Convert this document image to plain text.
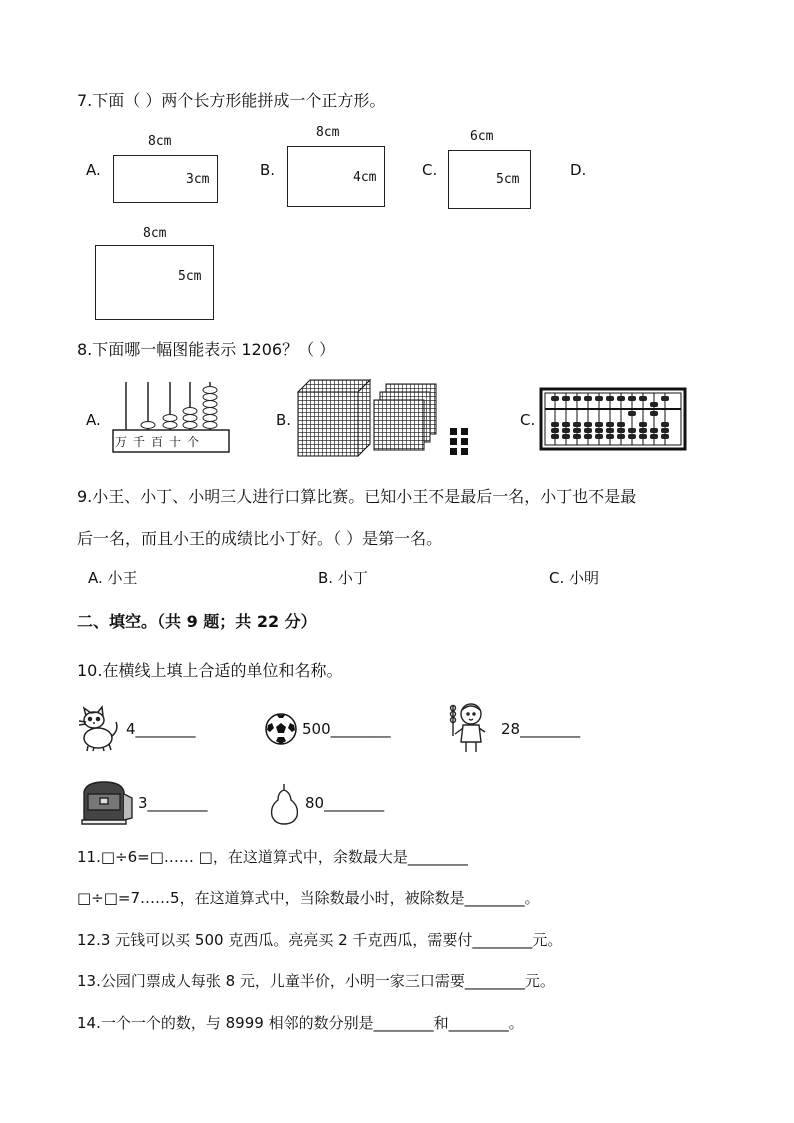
7.下面（ ）两个长方形能拼成一个正方形。
A.
8cm
3cm
B.
8cm
4cm	C.
6cm
5cm
D.
8cm
5cm
8.下面哪一幅图能表示 1206？（ ）
A.
万 千 百 十 个
B.	C.
9.小王、小丁、小明三人进行口算比赛。已知小王不是最后一名，小丁也不是最
后一名，而且小王的成绩比小丁好。（ ）是第一名。
A. 小王	B. 小丁	C. 小明
二、填空。（共 9 题；共 22 分）
10.在横线上填上合适的单位和名称。
4________	500________	28________
3________	80________
11.□÷6=□…… □，在这道算式中，余数最大是________
□÷□=7……5，在这道算式中，当除数最小时，被除数是________。
12.3 元钱可以买 500 克西瓜。亮亮买 2 千克西瓜，需要付________元。
13.公园门票成人每张 8 元，儿童半价，小明一家三口需要________元。
14.一个一个的数，与 8999 相邻的数分别是________和________。
